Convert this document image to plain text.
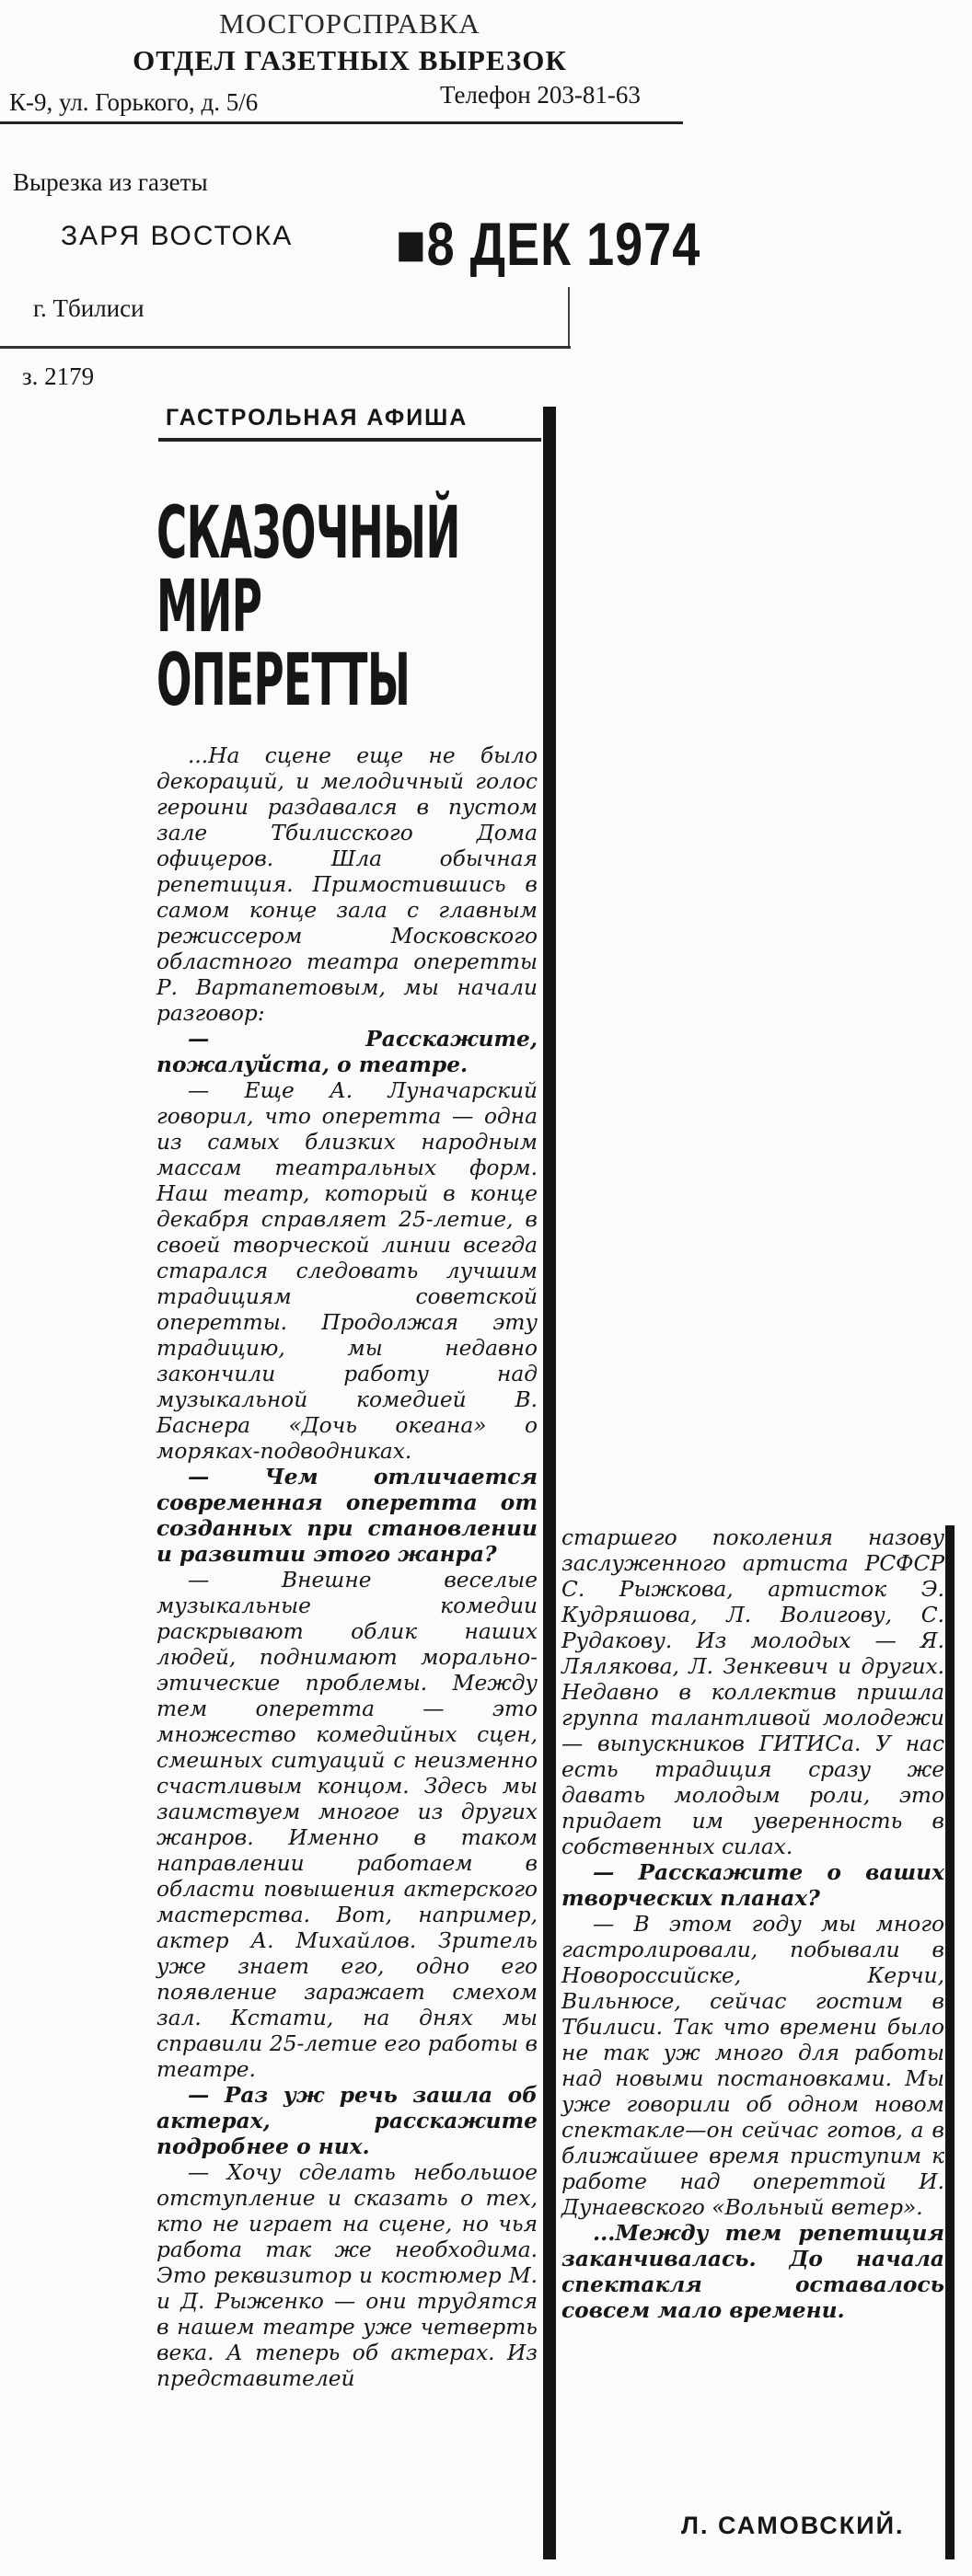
МОСГОРСПРАВКА
ОТДЕЛ ГАЗЕТНЫХ ВЫРЕЗОК
К-9, ул. Горького, д. 5/6	Телефон 203-81-63
Вырезка из газеты
ЗАРЯ ВОСТОКА ■8 ДЕК 1974
г. Тбилиси
з. 2179
ГАСТРОЛЬНАЯ АФИША
СКАЗОЧНЫЙ
МИР
ОПЕРЕТТЫ

...На сцене еще не было декораций, и мелодичный голос героини раздавался в пустом зале Тбилисского Дома офицеров. Шла обычная репетиция. Примостившись в самом конце зала с главным режиссером Московского областного театра оперетты Р. Вартапетовым, мы начали разговор:

— Расскажите, пожалуйста, о театре.

— Еще А. Луначарский говорил, что оперетта — одна из самых близких народным массам театральных форм. Наш театр, который в конце декабря справляет 25-летие, в своей творческой линии всегда старался следовать лучшим традициям советской оперетты. Продолжая эту традицию, мы недавно закончили работу над музыкальной комедией В. Баснера «Дочь океана» о моряках-подводниках.

— Чем отличается современная оперетта от созданных при становлении и развитии этого жанра?

— Внешне веселые музыкальные комедии раскрывают облик наших людей, поднимают морально-этические проблемы. Между тем оперетта — это множество комедийных сцен, смешных ситуаций с неизменно счастливым концом. Здесь мы заимствуем многое из других жанров. Именно в таком направлении работаем в области повышения актерского мастерства. Вот, например, актер А. Михайлов. Зритель уже знает его, одно его появление заражает смехом зал. Кстати, на днях мы справили 25-летие его работы в театре.

— Раз уж речь зашла об актерах, расскажите подробнее о них.

— Хочу сделать небольшое отступление и сказать о тех, кто не играет на сцене, но чья работа так же необходима. Это реквизитор и костюмер М. и Д. Рыженко — они трудятся в нашем театре уже четверть века. А теперь об актерах. Из представителей

старшего поколения назову заслуженного артиста РСФСР С. Рыжкова, артисток Э. Кудряшова, Л. Волигову, С. Рудакову. Из молодых — Я. Лялякова, Л. Зенкевич и других. Недавно в коллектив пришла группа талантливой молодежи — выпускников ГИТИСа. У нас есть традиция сразу же давать молодым роли, это придает им уверенность в собственных силах.

— Расскажите о ваших творческих планах?

— В этом году мы много гастролировали, побывали в Новороссийске, Керчи, Вильнюсе, сейчас гостим в Тбилиси. Так что времени было не так уж много для работы над новыми постановками. Мы уже говорили об одном новом спектакле—он сейчас готов, а в ближайшее время приступим к работе над опереттой И. Дунаевского «Вольный ветер».

...Между тем репетиция заканчивалась. До начала спектакля оставалось совсем мало времени.

Л. САМОВСКИЙ.
